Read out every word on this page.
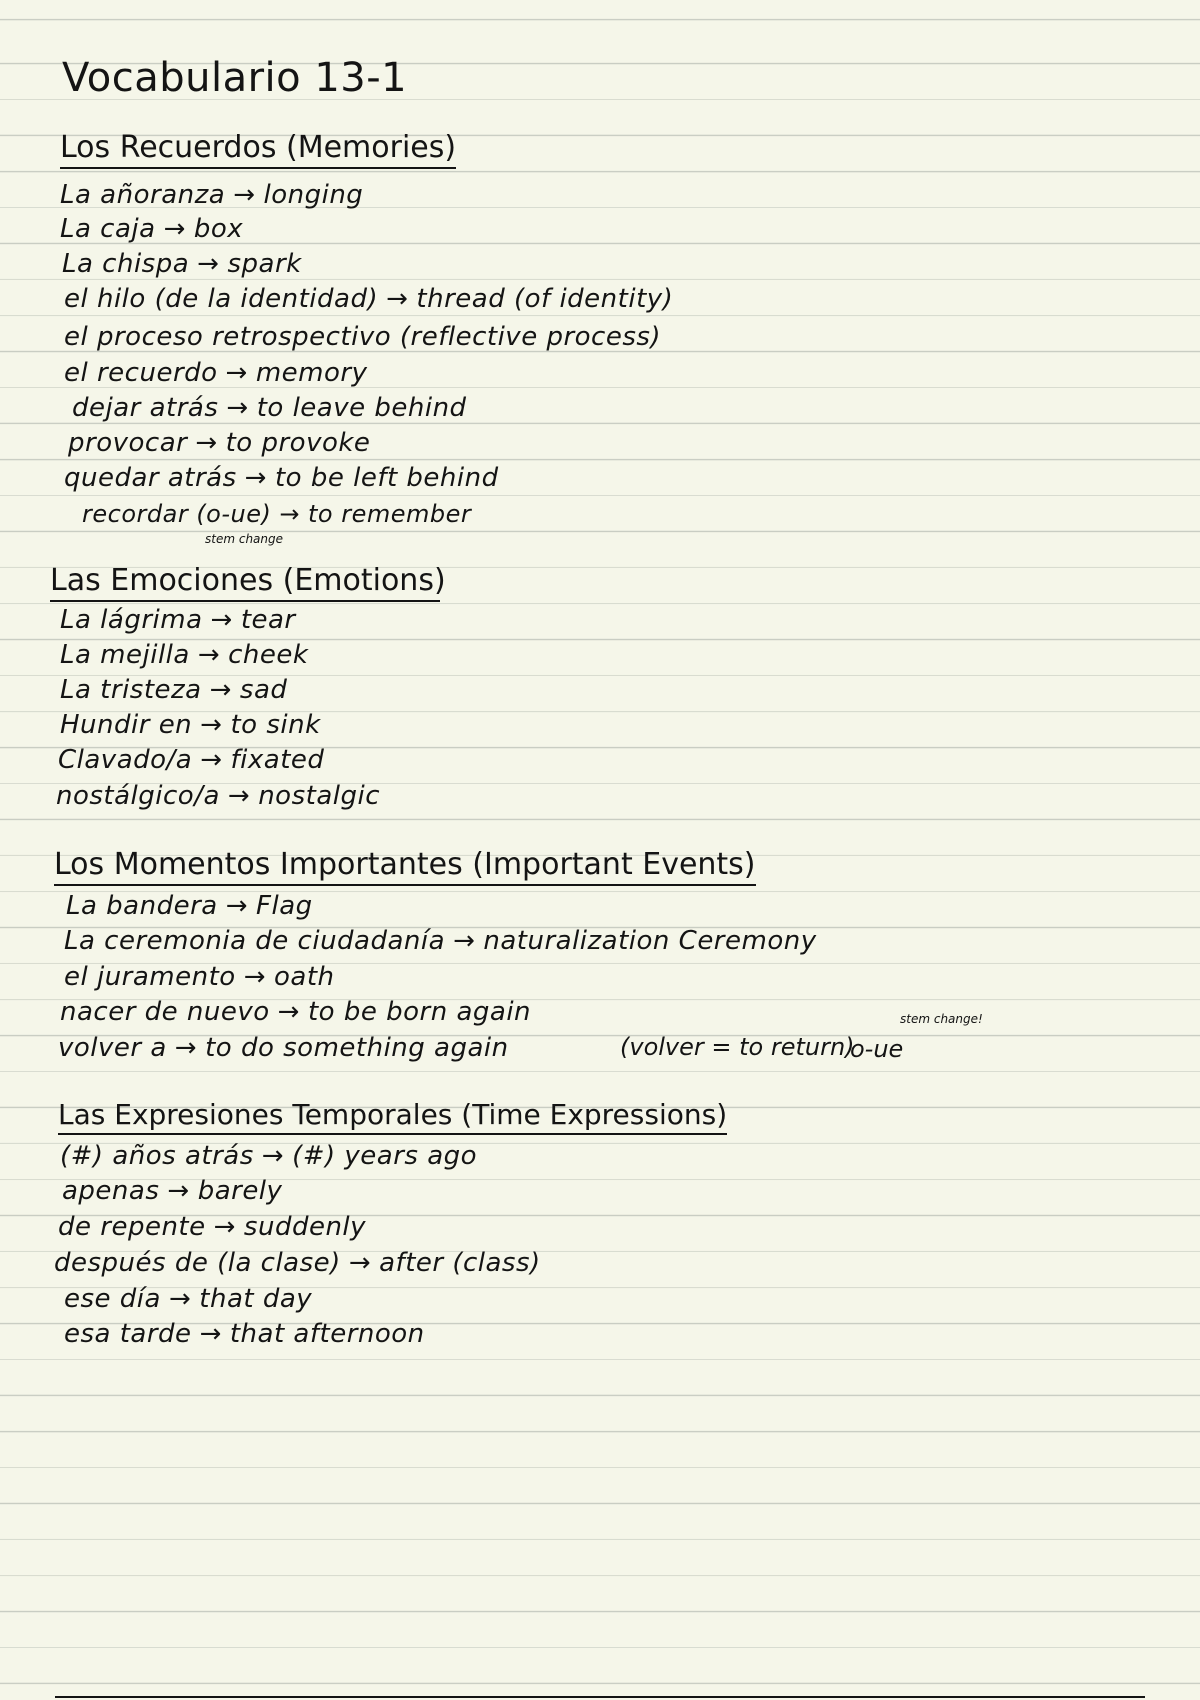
Vocabulario 13-1
Los Recuerdos (Memories)
La añoranza → longing
La caja → box
La chispa → spark
el hilo (de la identidad) → thread (of identity)
el proceso retrospectivo (reflective process)
el recuerdo → memory
dejar atrás → to leave behind
provocar → to provoke
quedar atrás → to be left behind
recordar (o-ue) → to remember
stem change
Las Emociones (Emotions)
La lágrima → tear
La mejilla → cheek
La tristeza → sad
Hundir en → to sink
Clavado/a → fixated
nostálgico/a → nostalgic
Los Momentos Importantes (Important Events)
La bandera → Flag
La ceremonia de ciudadanía → naturalization Ceremony
el juramento → oath
nacer de nuevo → to be born again
volver a → to do something again	(volver = to return)
o-ue
stem change!
Las Expresiones Temporales (Time Expressions)
(#) años atrás → (#) years ago
apenas → barely
de repente → suddenly
después de (la clase) → after (class)
ese día → that day
esa tarde → that afternoon
